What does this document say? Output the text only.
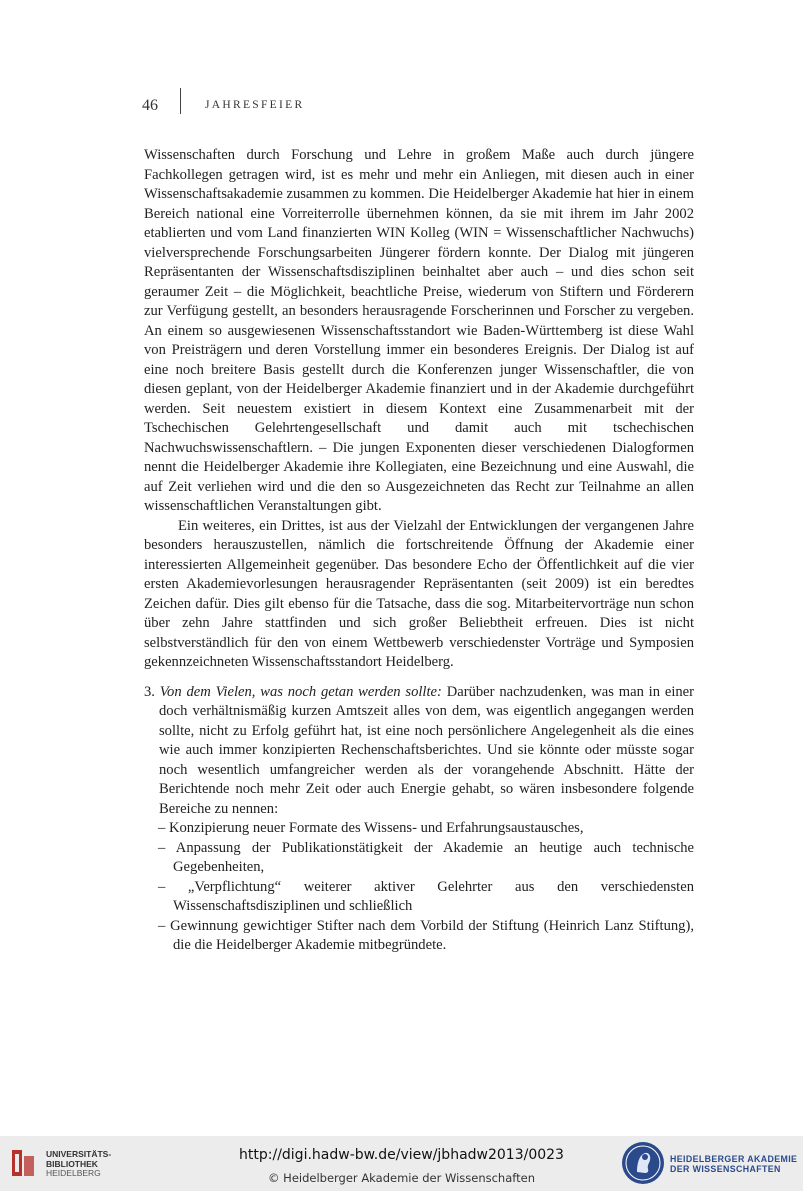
46	JAHRESFEIER

Wissenschaften durch Forschung und Lehre in großem Maße auch durch jüngere Fachkollegen getragen wird, ist es mehr und mehr ein Anliegen, mit diesen auch in einer Wissenschaftsakademie zusammen zu kommen. Die Heidelberger Akademie hat hier in einem Bereich national eine Vorreiterrolle übernehmen können, da sie mit ihrem im Jahr 2002 etablierten und vom Land finanzierten WIN Kolleg (WIN = Wissenschaftlicher Nachwuchs) vielversprechende Forschungsarbeiten Jüngerer fördern konnte. Der Dialog mit jüngeren Repräsentanten der Wissenschaftsdisziplinen beinhaltet aber auch – und dies schon seit geraumer Zeit – die Möglichkeit, beachtliche Preise, wiederum von Stiftern und Förderern zur Verfügung gestellt, an besonders herausragende Forscherinnen und Forscher zu vergeben. An einem so ausgewiesenen Wissenschaftsstandort wie Baden-Württemberg ist diese Wahl von Preisträgern und deren Vorstellung immer ein besonderes Ereignis. Der Dialog ist auf eine noch breitere Basis gestellt durch die Konferenzen junger Wissenschaftler, die von diesen geplant, von der Heidelberger Akademie finanziert und in der Akademie durchgeführt werden. Seit neuestem existiert in diesem Kontext eine Zusammenarbeit mit der Tschechischen Gelehrtengesellschaft und damit auch mit tschechischen Nachwuchswissenschaftlern. – Die jungen Exponenten dieser verschiedenen Dialogformen nennt die Heidelberger Akademie ihre Kollegiaten, eine Bezeichnung und eine Auswahl, die auf Zeit verliehen wird und die den so Ausgezeichneten das Recht zur Teilnahme an allen wissenschaftlichen Veranstaltungen gibt.

Ein weiteres, ein Drittes, ist aus der Vielzahl der Entwicklungen der vergangenen Jahre besonders herauszustellen, nämlich die fortschreitende Öffnung der Akademie einer interessierten Allgemeinheit gegenüber. Das besondere Echo der Öffentlichkeit auf die vier ersten Akademievorlesungen herausragender Repräsentanten (seit 2009) ist ein beredtes Zeichen dafür. Dies gilt ebenso für die Tatsache, dass die sog. Mitarbeitervorträge nun schon über zehn Jahre stattfinden und sich großer Beliebtheit erfreuen. Dies ist nicht selbstverständlich für den von einem Wettbewerb verschiedenster Vorträge und Symposien gekennzeichneten Wissenschaftsstandort Heidelberg.

3. Von dem Vielen, was noch getan werden sollte: Darüber nachzudenken, was man in einer doch verhältnismäßig kurzen Amtszeit alles von dem, was eigentlich angegangen werden sollte, nicht zu Erfolg geführt hat, ist eine noch persönlichere Angelegenheit als die eines wie auch immer konzipierten Rechenschaftsberichtes. Und sie könnte oder müsste sogar noch wesentlich umfangreicher werden als der vorangehende Abschnitt. Hätte der Berichtende noch mehr Zeit oder auch Energie gehabt, so wären insbesondere folgende Bereiche zu nennen:

– Konzipierung neuer Formate des Wissens- und Erfahrungsaustausches,
– Anpassung der Publikationstätigkeit der Akademie an heutige auch technische Gegebenheiten,
– „Verpflichtung“ weiterer aktiver Gelehrter aus den verschiedensten Wissenschaftsdisziplinen und schließlich
– Gewinnung gewichtiger Stifter nach dem Vorbild der Stiftung (Heinrich Lanz Stiftung), die die Heidelberger Akademie mitbegründete.
UNIVERSITÄTS-
BIBLIOTHEK
HEIDELBERG
http://digi.hadw-bw.de/view/jbhadw2013/0023
© Heidelberger Akademie der Wissenschaften
HEIDELBERGER AKADEMIE
DER WISSENSCHAFTEN
